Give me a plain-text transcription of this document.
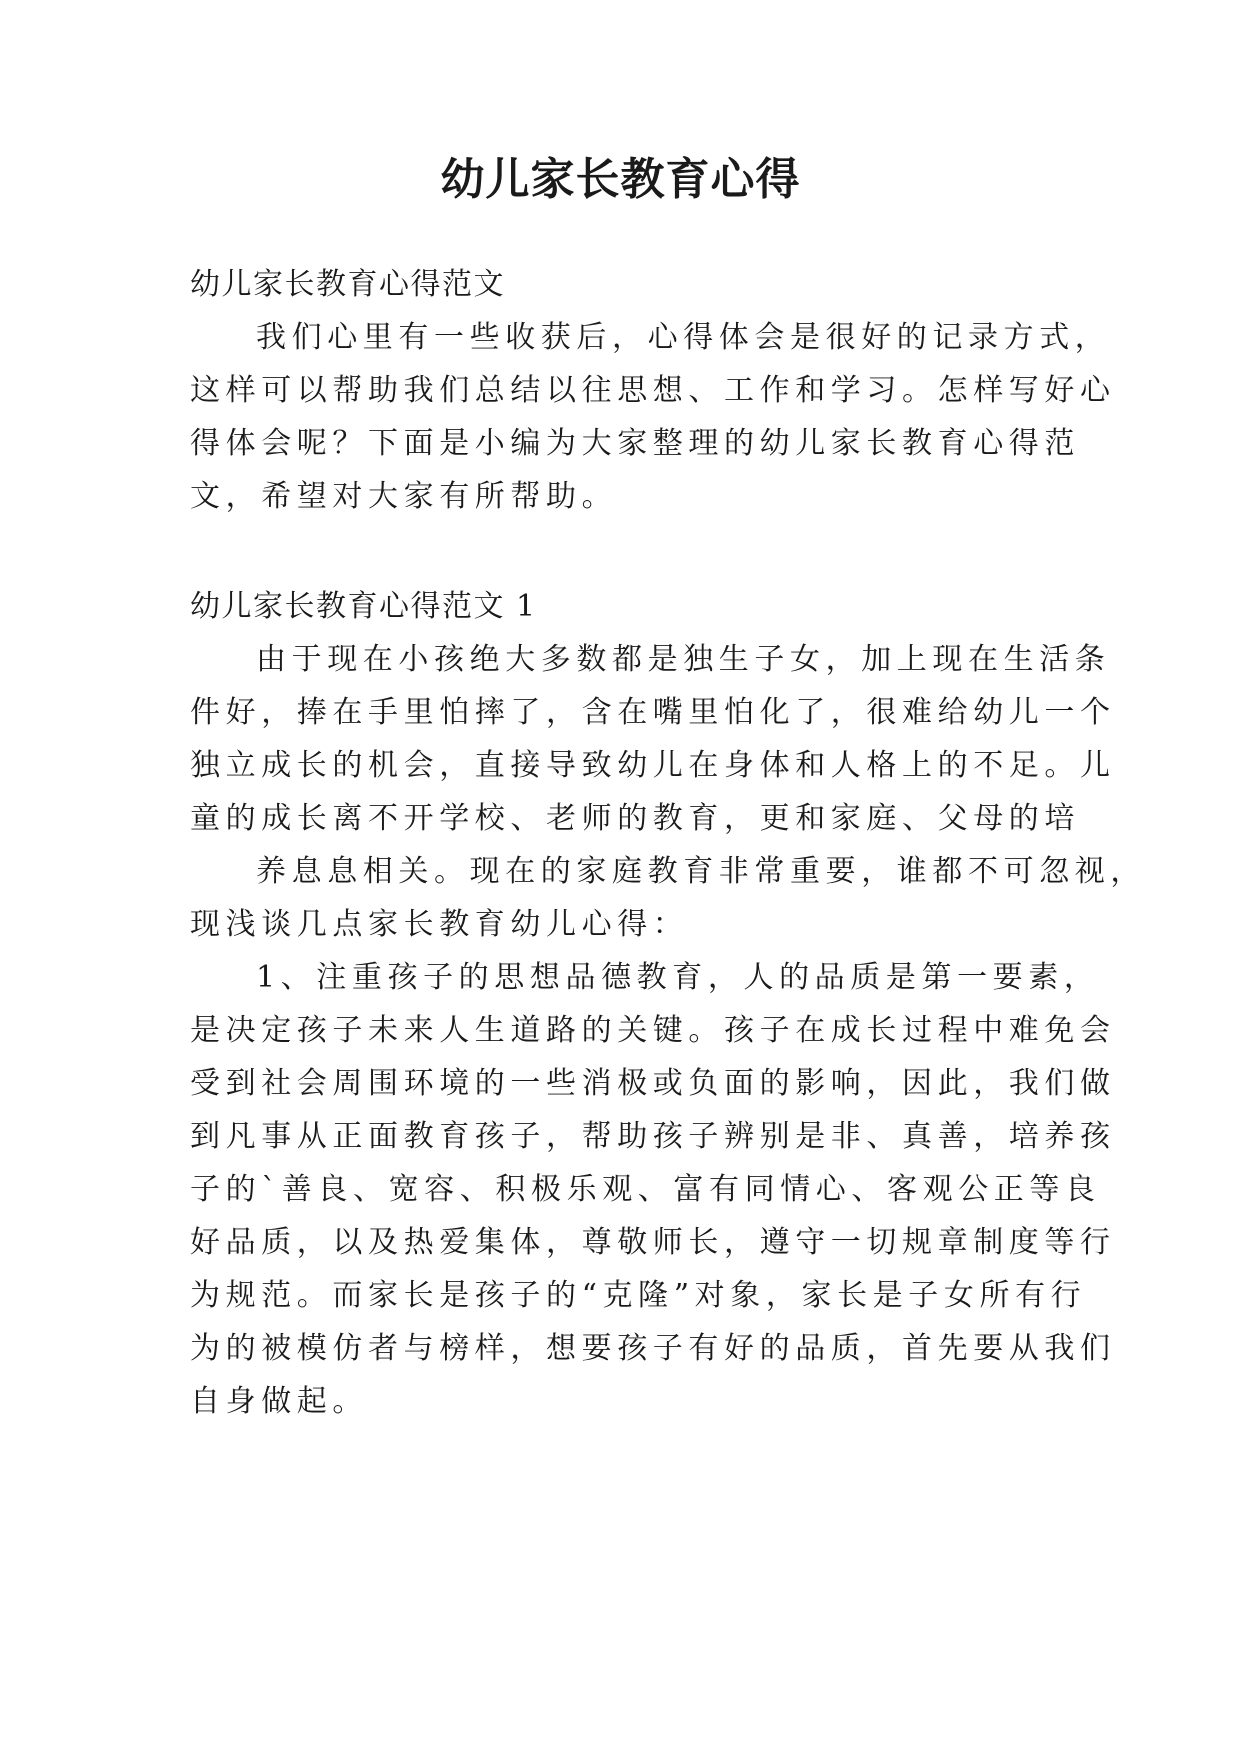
幼儿家长教育心得

幼儿家长教育心得范文

我们心里有一些收获后，心得体会是很好的记录方式，

这样可以帮助我们总结以往思想、工作和学习。怎样写好心

得体会呢？下面是小编为大家整理的幼儿家长教育心得范

文，希望对大家有所帮助。

幼儿家长教育心得范文 1

由于现在小孩绝大多数都是独生子女，加上现在生活条

件好，捧在手里怕摔了，含在嘴里怕化了，很难给幼儿一个

独立成长的机会，直接导致幼儿在身体和人格上的不足。儿

童的成长离不开学校、老师的教育，更和家庭、父母的培

养息息相关。现在的家庭教育非常重要，谁都不可忽视，

现浅谈几点家长教育幼儿心得：

1、注重孩子的思想品德教育，人的品质是第一要素，

是决定孩子未来人生道路的关键。孩子在成长过程中难免会

受到社会周围环境的一些消极或负面的影响，因此，我们做

到凡事从正面教育孩子，帮助孩子辨别是非、真善，培养孩

子的`善良、宽容、积极乐观、富有同情心、客观公正等良

好品质，以及热爱集体，尊敬师长，遵守一切规章制度等行

为规范。而家长是孩子的“克隆”对象，家长是子女所有行

为的被模仿者与榜样，想要孩子有好的品质，首先要从我们

自身做起。
